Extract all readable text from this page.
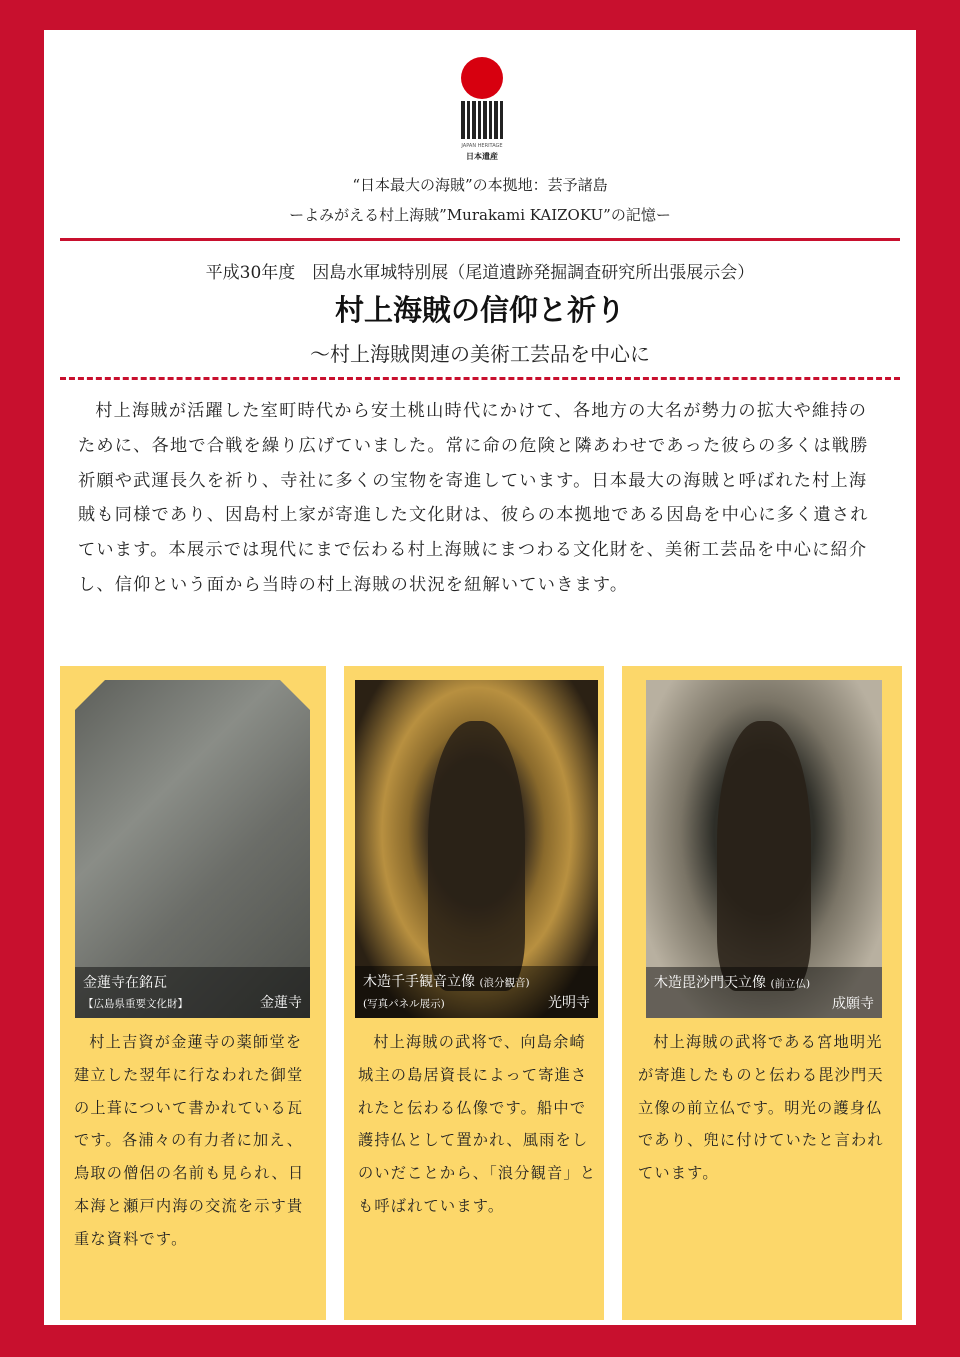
JAPAN HERITAGE
日本遺産
“日本最大の海賊”の本拠地：芸予諸島
ーよみがえる村上海賊”Murakami KAIZOKU”の記憶ー
平成30年度　因島水軍城特別展（尾道遺跡発掘調査研究所出張展示会）
村上海賊の信仰と祈り
～村上海賊関連の美術工芸品を中心に
村上海賊が活躍した室町時代から安土桃山時代にかけて、各地方の大名が勢力の拡大や維持のために、各地で合戦を繰り広げていました。常に命の危険と隣あわせであった彼らの多くは戦勝祈願や武運長久を祈り、寺社に多くの宝物を寄進しています。日本最大の海賊と呼ばれた村上海賊も同様であり、因島村上家が寄進した文化財は、彼らの本拠地である因島を中心に多く遺されています。本展示では現代にまで伝わる村上海賊にまつわる文化財を、美術工芸品を中心に紹介し、信仰という面から当時の村上海賊の状況を紐解いていきます。
金蓮寺在銘瓦
【広島県重要文化財】	金蓮寺
村上吉資が金蓮寺の薬師堂を建立した翌年に行なわれた御堂の上葺について書かれている瓦です。各浦々の有力者に加え、鳥取の僧侶の名前も見られ、日本海と瀬戸内海の交流を示す貴重な資料です。
木造千手観音立像 (浪分観音)
(写真パネル展示)	光明寺
村上海賊の武将で、向島余崎城主の島居資長によって寄進されたと伝わる仏像です。船中で護持仏として置かれ、風雨をしのいだことから、「浪分観音」とも呼ばれています。
木造毘沙門天立像 (前立仏)
成願寺
村上海賊の武将である宮地明光が寄進したものと伝わる毘沙門天立像の前立仏です。明光の護身仏であり、兜に付けていたと言われています。
